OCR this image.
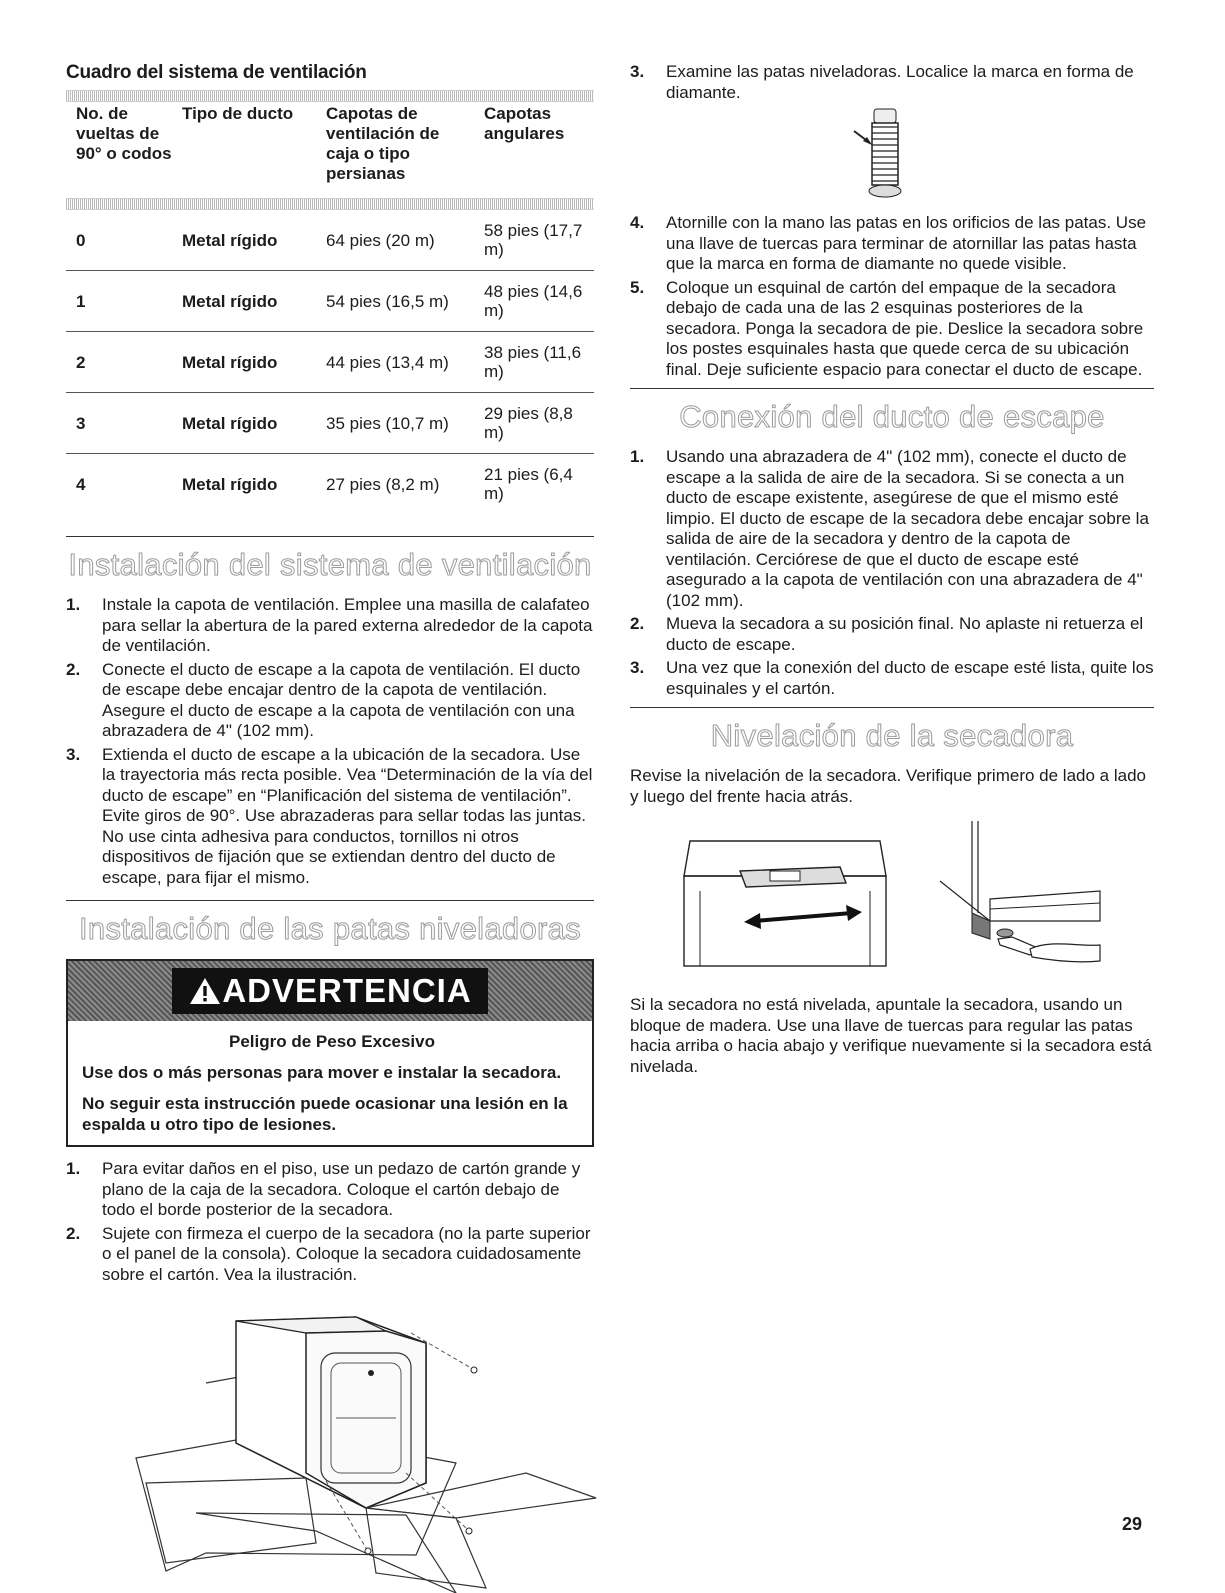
Cuadro del sistema de ventilación
No. de vueltas de 90° o codos	Tipo de ducto	Capotas de ventilación de caja o tipo persianas	Capotas angulares

0	Metal rígido	64 pies (20 m)	58 pies (17,7 m)
1	Metal rígido	54 pies (16,5 m)	48 pies (14,6 m)
2	Metal rígido	44 pies (13,4 m)	38 pies (11,6 m)
3	Metal rígido	35 pies (10,7 m)	29 pies (8,8 m)
4	Metal rígido	27 pies (8,2 m)	21 pies (6,4 m)
Instalación del sistema de ventilación
1. Instale la capota de ventilación. Emplee una masilla de calafateo para sellar la abertura de la pared externa alrededor de la capota de ventilación.
2. Conecte el ducto de escape a la capota de ventilación. El ducto de escape debe encajar dentro de la capota de ventilación. Asegure el ducto de escape a la capota de ventilación con una abrazadera de 4" (102 mm).
3. Extienda el ducto de escape a la ubicación de la secadora. Use la trayectoria más recta posible. Vea “Determinación de la vía del ducto de escape” en “Planificación del sistema de ventilación”. Evite giros de 90°. Use abrazaderas para sellar todas las juntas. No use cinta adhesiva para conductos, tornillos ni otros dispositivos de fijación que se extiendan dentro del ducto de escape, para fijar el mismo.
Instalación de las patas niveladoras
ADVERTENCIA
Peligro de Peso Excesivo

Use dos o más personas para mover e instalar la secadora.

No seguir esta instrucción puede ocasionar una lesión en la espalda u otro tipo de lesiones.

1. Para evitar daños en el piso, use un pedazo de cartón grande y plano de la caja de la secadora. Coloque el cartón debajo de todo el borde posterior de la secadora.
2. Sujete con firmeza el cuerpo de la secadora (no la parte superior o el panel de la consola). Coloque la secadora cuidadosamente sobre el cartón. Vea la ilustración.
3. Examine las patas niveladoras. Localice la marca en forma de diamante.
4. Atornille con la mano las patas en los orificios de las patas. Use una llave de tuercas para terminar de atornillar las patas hasta que la marca en forma de diamante no quede visible.
5. Coloque un esquinal de cartón del empaque de la secadora debajo de cada una de las 2 esquinas posteriores de la secadora. Ponga la secadora de pie. Deslice la secadora sobre los postes esquinales hasta que quede cerca de su ubicación final. Deje suficiente espacio para conectar el ducto de escape.
Conexión del ducto de escape
1. Usando una abrazadera de 4" (102 mm), conecte el ducto de escape a la salida de aire de la secadora. Si se conecta a un ducto de escape existente, asegúrese de que el mismo esté limpio. El ducto de escape de la secadora debe encajar sobre la salida de aire de la secadora y dentro de la capota de ventilación. Cerciórese de que el ducto de escape esté asegurado a la capota de ventilación con una abrazadera de 4" (102 mm).
2. Mueva la secadora a su posición final. No aplaste ni retuerza el ducto de escape.
3. Una vez que la conexión del ducto de escape esté lista, quite los esquinales y el cartón.
Nivelación de la secadora

Revise la nivelación de la secadora. Verifique primero de lado a lado y luego del frente hacia atrás.

Si la secadora no está nivelada, apuntale la secadora, usando un bloque de madera. Use una llave de tuercas para regular las patas hacia arriba o hacia abajo y verifique nuevamente si la secadora está nivelada.

29
